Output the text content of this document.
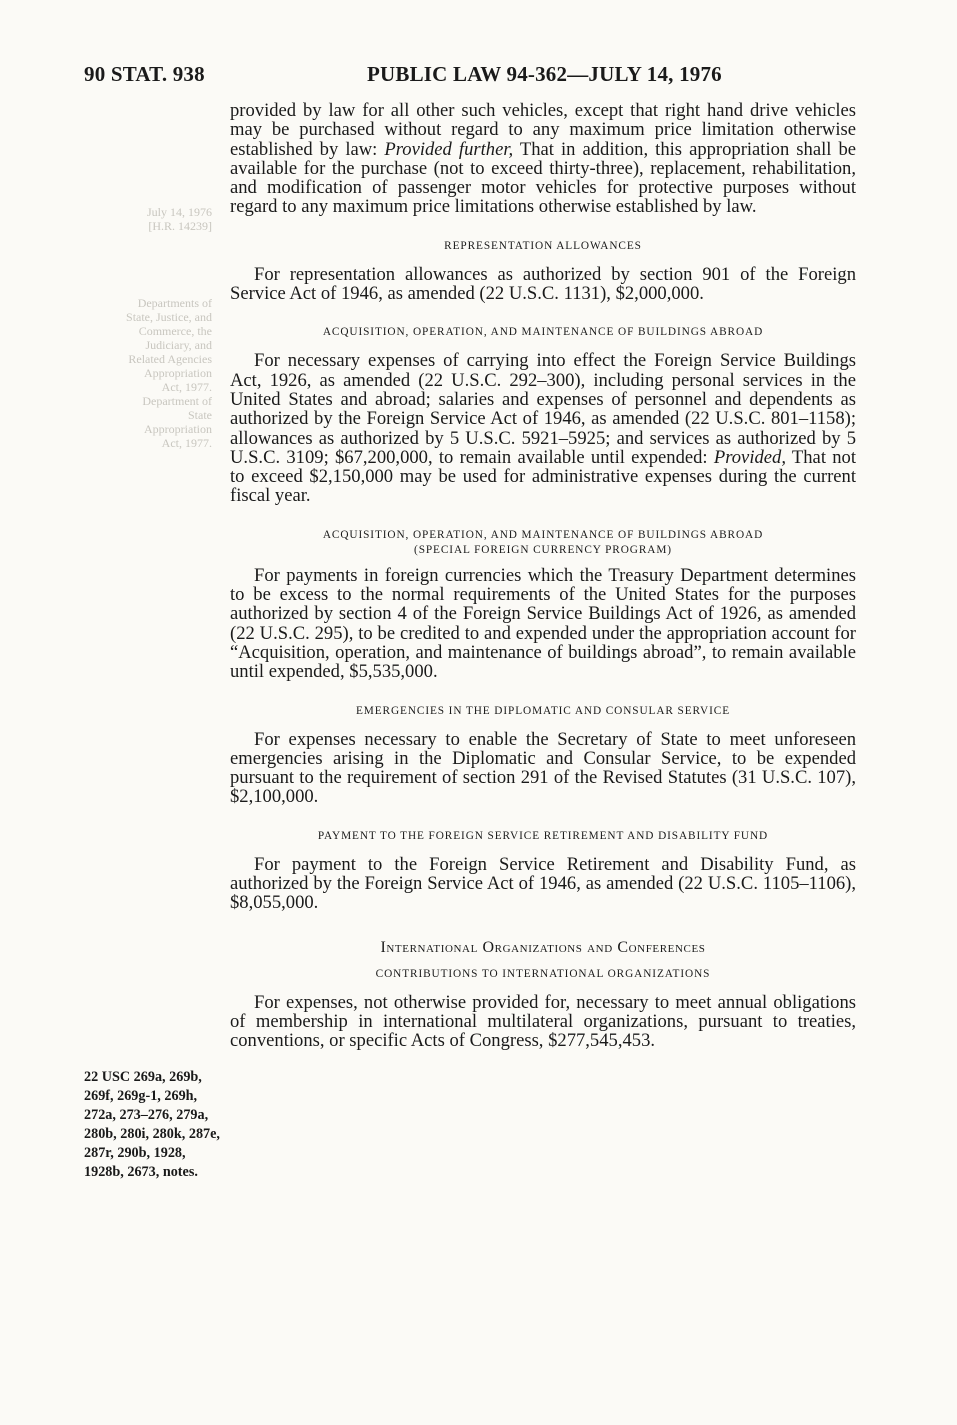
July 14, 1976
[H.R. 14239]
Departments of
State, Justice, and
Commerce, the
Judiciary, and
Related Agencies
Appropriation
Act, 1977.
Department of
State
Appropriation
Act, 1977.
90 STAT. 938	PUBLIC LAW 94-362—JULY 14, 1976

provided by law for all other such vehicles, except that right hand drive vehicles may be purchased without regard to any maximum price limitation otherwise established by law: Provided further, That in addition, this appropriation shall be available for the purchase (not to exceed thirty-three), replacement, rehabilitation, and modification of passenger motor vehicles for protective purposes without regard to any maximum price limitations otherwise established by law.

REPRESENTATION ALLOWANCES

For representation allowances as authorized by section 901 of the Foreign Service Act of 1946, as amended (22 U.S.C. 1131), $2,000,000.

ACQUISITION, OPERATION, AND MAINTENANCE OF BUILDINGS ABROAD

For necessary expenses of carrying into effect the Foreign Service Buildings Act, 1926, as amended (22 U.S.C. 292–300), including personal services in the United States and abroad; salaries and expenses of personnel and dependents as authorized by the Foreign Service Act of 1946, as amended (22 U.S.C. 801–1158); allowances as authorized by 5 U.S.C. 5921–5925; and services as authorized by 5 U.S.C. 3109; $67,200,000, to remain available until expended: Provided, That not to exceed $2,150,000 may be used for administrative expenses during the current fiscal year.

ACQUISITION, OPERATION, AND MAINTENANCE OF BUILDINGS ABROAD
(SPECIAL FOREIGN CURRENCY PROGRAM)

For payments in foreign currencies which the Treasury Department determines to be excess to the normal requirements of the United States for the purposes authorized by section 4 of the Foreign Service Buildings Act of 1926, as amended (22 U.S.C. 295), to be credited to and expended under the appropriation account for “Acquisition, operation, and maintenance of buildings abroad”, to remain available until expended, $5,535,000.

EMERGENCIES IN THE DIPLOMATIC AND CONSULAR SERVICE

For expenses necessary to enable the Secretary of State to meet unforeseen emergencies arising in the Diplomatic and Consular Service, to be expended pursuant to the requirement of section 291 of the Revised Statutes (31 U.S.C. 107), $2,100,000.

PAYMENT TO THE FOREIGN SERVICE RETIREMENT AND DISABILITY FUND

For payment to the Foreign Service Retirement and Disability Fund, as authorized by the Foreign Service Act of 1946, as amended (22 U.S.C. 1105–1106), $8,055,000.

International Organizations and Conferences
CONTRIBUTIONS TO INTERNATIONAL ORGANIZATIONS

For expenses, not otherwise provided for, necessary to meet annual obligations of membership in international multilateral organizations, pursuant to treaties, conventions, or specific Acts of Congress, $277,545,453.

22 USC 269a, 269b, 269f, 269g-1, 269h, 272a, 273–276, 279a, 280b, 280i, 280k, 287e, 287r, 290b, 1928, 1928b, 2673, notes.
